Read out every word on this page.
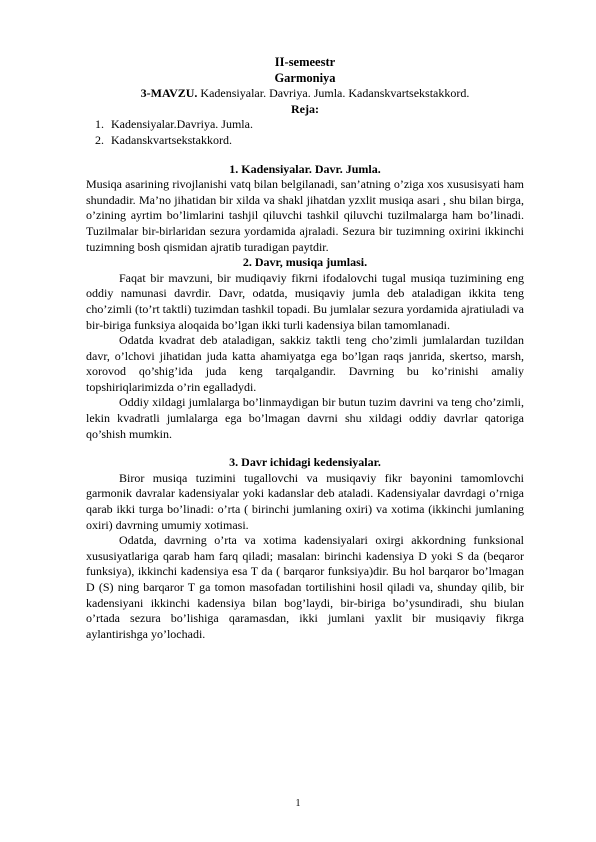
II-semeestr

Garmoniya

3-MAVZU. Kadensiyalar. Davriya. Jumla. Kadanskvartsekstakkord.

Reja:

1. Kadensiyalar.Davriya. Jumla.
2. Kadanskvartsekstakkord.

1. Kadensiyalar. Davr. Jumla.

Musiqa asarining rivojlanishi vatq bilan belgilanadi, san’atning o’ziga xos xususisyati ham shundadir. Ma’no jihatidan bir xilda va shakl jihatdan yzxlit musiqa asari , shu bilan birga, o’zining ayrtim bo’limlarini tashjil qiluvchi tashkil qiluvchi tuzilmalarga ham bo’linadi. Tuzilmalar bir-birlaridan sezura yordamida ajraladi. Sezura bir tuzimning oxirini ikkinchi tuzimning bosh qismidan ajratib turadigan paytdir.

2. Davr, musiqa jumlasi.

Faqat bir mavzuni, bir mudiqaviy fikrni ifodalovchi tugal musiqa tuzimining eng oddiy namunasi davrdir. Davr, odatda, musiqaviy jumla deb ataladigan ikkita teng cho’zimli (to’rt taktli) tuzimdan tashkil topadi. Bu jumlalar sezura yordamida ajratiuladi va bir-biriga funksiya aloqaida bo’lgan ikki turli kadensiya bilan tamomlanadi.

Odatda kvadrat deb ataladigan, sakkiz taktli teng cho’zimli jumlalardan tuzildan davr, o’lchovi jihatidan juda katta ahamiyatga ega bo’lgan raqs janrida, skertso, marsh, xorovod qo’shig’ida juda keng tarqalgandir. Davrning bu ko’rinishi amaliy topshiriqlarimizda o’rin egalladydi.

Oddiy xildagi jumlalarga bo’linmaydigan bir butun tuzim davrini va teng cho’zimli, lekin kvadratli jumlalarga ega bo’lmagan davrni shu xildagi oddiy davrlar qatoriga qo’shish mumkin.

3. Davr ichidagi kedensiyalar.

Biror musiqa tuzimini tugallovchi va musiqaviy fikr bayonini tamomlovchi garmonik davralar kadensiyalar yoki kadanslar deb ataladi. Kadensiyalar davrdagi o’rniga qarab ikki turga bo’linadi: o’rta ( birinchi jumlaning oxiri) va xotima (ikkinchi jumlaning oxiri) davrning umumiy xotimasi.

Odatda, davrning o’rta va xotima kadensiyalari oxirgi akkordning funksional xususiyatlariga qarab ham farq qiladi; masalan: birinchi kadensiya D yoki S da (beqaror funksiya), ikkinchi kadensiya esa T da ( barqaror funksiya)dir. Bu hol barqaror bo’lmagan D (S) ning barqaror T ga tomon masofadan tortilishini hosil qiladi va, shunday qilib, bir kadensiyani ikkinchi kadensiya bilan bog’laydi, bir-biriga bo’ysundiradi, shu biulan o’rtada sezura bo’lishiga qaramasdan, ikki jumlani yaxlit bir musiqaviy fikrga aylantirishga yo’lochadi.

1
